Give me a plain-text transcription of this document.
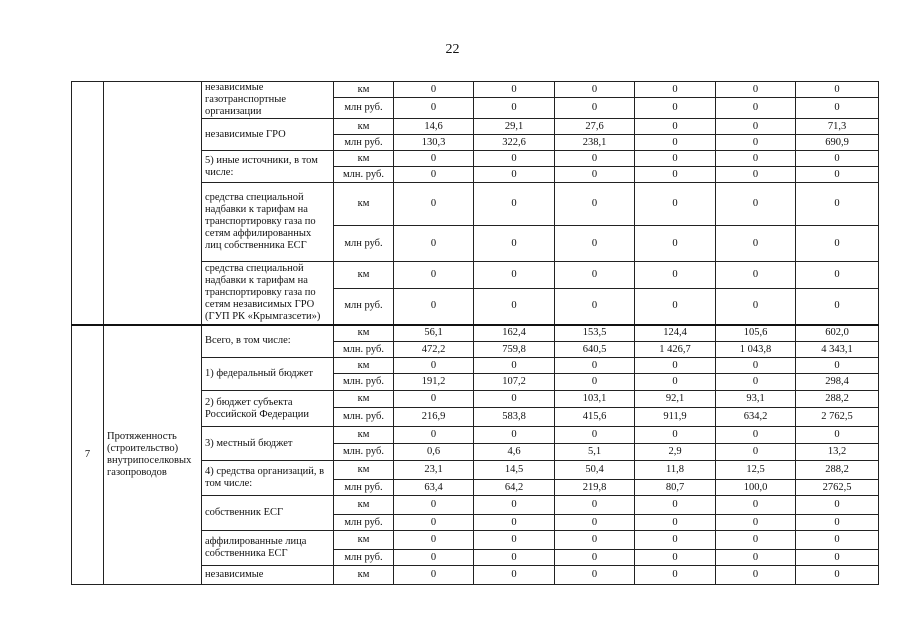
22
		независимые газотранспортные организации	км	0	0	0	0	0	0
			млн руб.	0	0	0	0	0	0
		независимые ГРО	км	14,6	29,1	27,6	0	0	71,3
			млн руб.	130,3	322,6	238,1	0	0	690,9
		5) иные источники, в том числе:	км	0	0	0	0	0	0
			млн. руб.	0	0	0	0	0	0
		средства специальной надбавки к тарифам на транспортировку газа по сетям аффилированных лиц собственника ЕСГ	км	0	0	0	0	0	0
			млн руб.	0	0	0	0	0	0
		средства специальной надбавки к тарифам на транспортировку газа по сетям независимых ГРО (ГУП РК «Крымгазсети»)	км	0	0	0	0	0	0
			млн руб.	0	0	0	0	0	0
7	Протяженность (строительство) внутрипоселковых газопроводов	Всего, в том числе:	км	56,1	162,4	153,5	124,4	105,6	602,0
			млн. руб.	472,2	759,8	640,5	1 426,7	1 043,8	4 343,1
		1) федеральный бюджет	км	0	0	0	0	0	0
			млн. руб.	191,2	107,2	0	0	0	298,4
		2) бюджет субъекта Российской Федерации	км	0	0	103,1	92,1	93,1	288,2
			млн. руб.	216,9	583,8	415,6	911,9	634,2	2 762,5
		3) местный бюджет	км	0	0	0	0	0	0
			млн. руб.	0,6	4,6	5,1	2,9	0	13,2
		4) средства организаций, в том числе:	км	23,1	14,5	50,4	11,8	12,5	288,2
			млн руб.	63,4	64,2	219,8	80,7	100,0	2762,5
		собственник ЕСГ	км	0	0	0	0	0	0
			млн руб.	0	0	0	0	0	0
		аффилированные лица собственника ЕСГ	км	0	0	0	0	0	0
			млн руб.	0	0	0	0	0	0
		независимые	км	0	0	0	0	0	0
